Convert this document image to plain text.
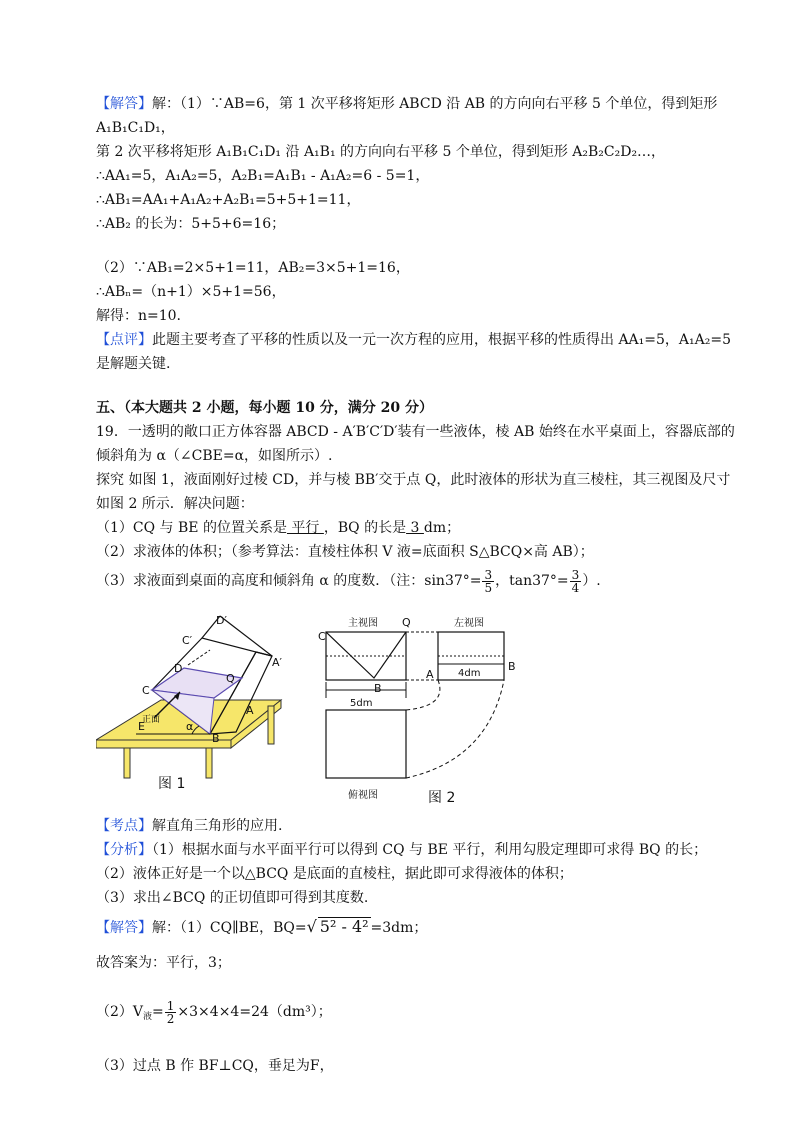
【解答】解：（1）∵AB=6，第 1 次平移将矩形 ABCD 沿 AB 的方向向右平移 5 个单位，得到矩形
A₁B₁C₁D₁，
第 2 次平移将矩形 A₁B₁C₁D₁ 沿 A₁B₁ 的方向向右平移 5 个单位，得到矩形 A₂B₂C₂D₂…，
∴AA₁=5，A₁A₂=5，A₂B₁=A₁B₁ - A₁A₂=6 - 5=1，
∴AB₁=AA₁+A₁A₂+A₂B₁=5+5+1=11，
∴AB₂ 的长为：5+5+6=16；
（2）∵AB₁=2×5+1=11，AB₂=3×5+1=16，
∴ABₙ=（n+1）×5+1=56，
解得：n=10.
【点评】此题主要考查了平移的性质以及一元一次方程的应用，根据平移的性质得出 AA₁=5，A₁A₂=5
是解题关键.
五、（本大题共 2 小题，每小题 10 分，满分 20 分）
19．一透明的敞口正方体容器 ABCD - A′B′C′D′装有一些液体，棱 AB 始终在水平桌面上，容器底部的
倾斜角为 α（∠CBE=α，如图所示）.
探究 如图 1，液面刚好过棱 CD，并与棱 BB′交于点 Q，此时液体的形状为直三棱柱，其三视图及尺寸
如图 2 所示．解决问题：
（1）CQ 与 BE 的位置关系是 平行 ，BQ 的长是 3 dm；
（2）求液体的体积；（参考算法：直棱柱体积 V 液=底面积 S△BCQ×高 AB）；
（3）求液面到桌面的高度和倾斜角 α 的度数．（注：$\sin 37^\circ= \frac{3}{5}$ ，$\tan 37^\circ= \frac{3}{4}$ ）.
D′
C′
A′
D
Q
C
A
B
E	α
正面
图 1
主视图	左视图
俯视图
5dm
4dm
C
Q
B
A
B
图 2
【考点】解直角三角形的应用.
【分析】（1）根据水面与水平面平行可以得到 CQ 与 BE 平行，利用勾股定理即可求得 BQ 的长；
（2）液体正好是一个以△BCQ 是底面的直棱柱，据此即可求得液体的体积；
（3）求出∠BCQ 的正切值即可得到其度数.
【解答】解：（1）CQ∥BE，BQ=√ 5² - 4² =3dm；
故答案为：平行，3；
$(2)V_液= \frac{1}{2} \times 3\times 4\times 4=24(dm^3)$；
（3）过点 B 作 BF⊥CQ，垂足为F，
